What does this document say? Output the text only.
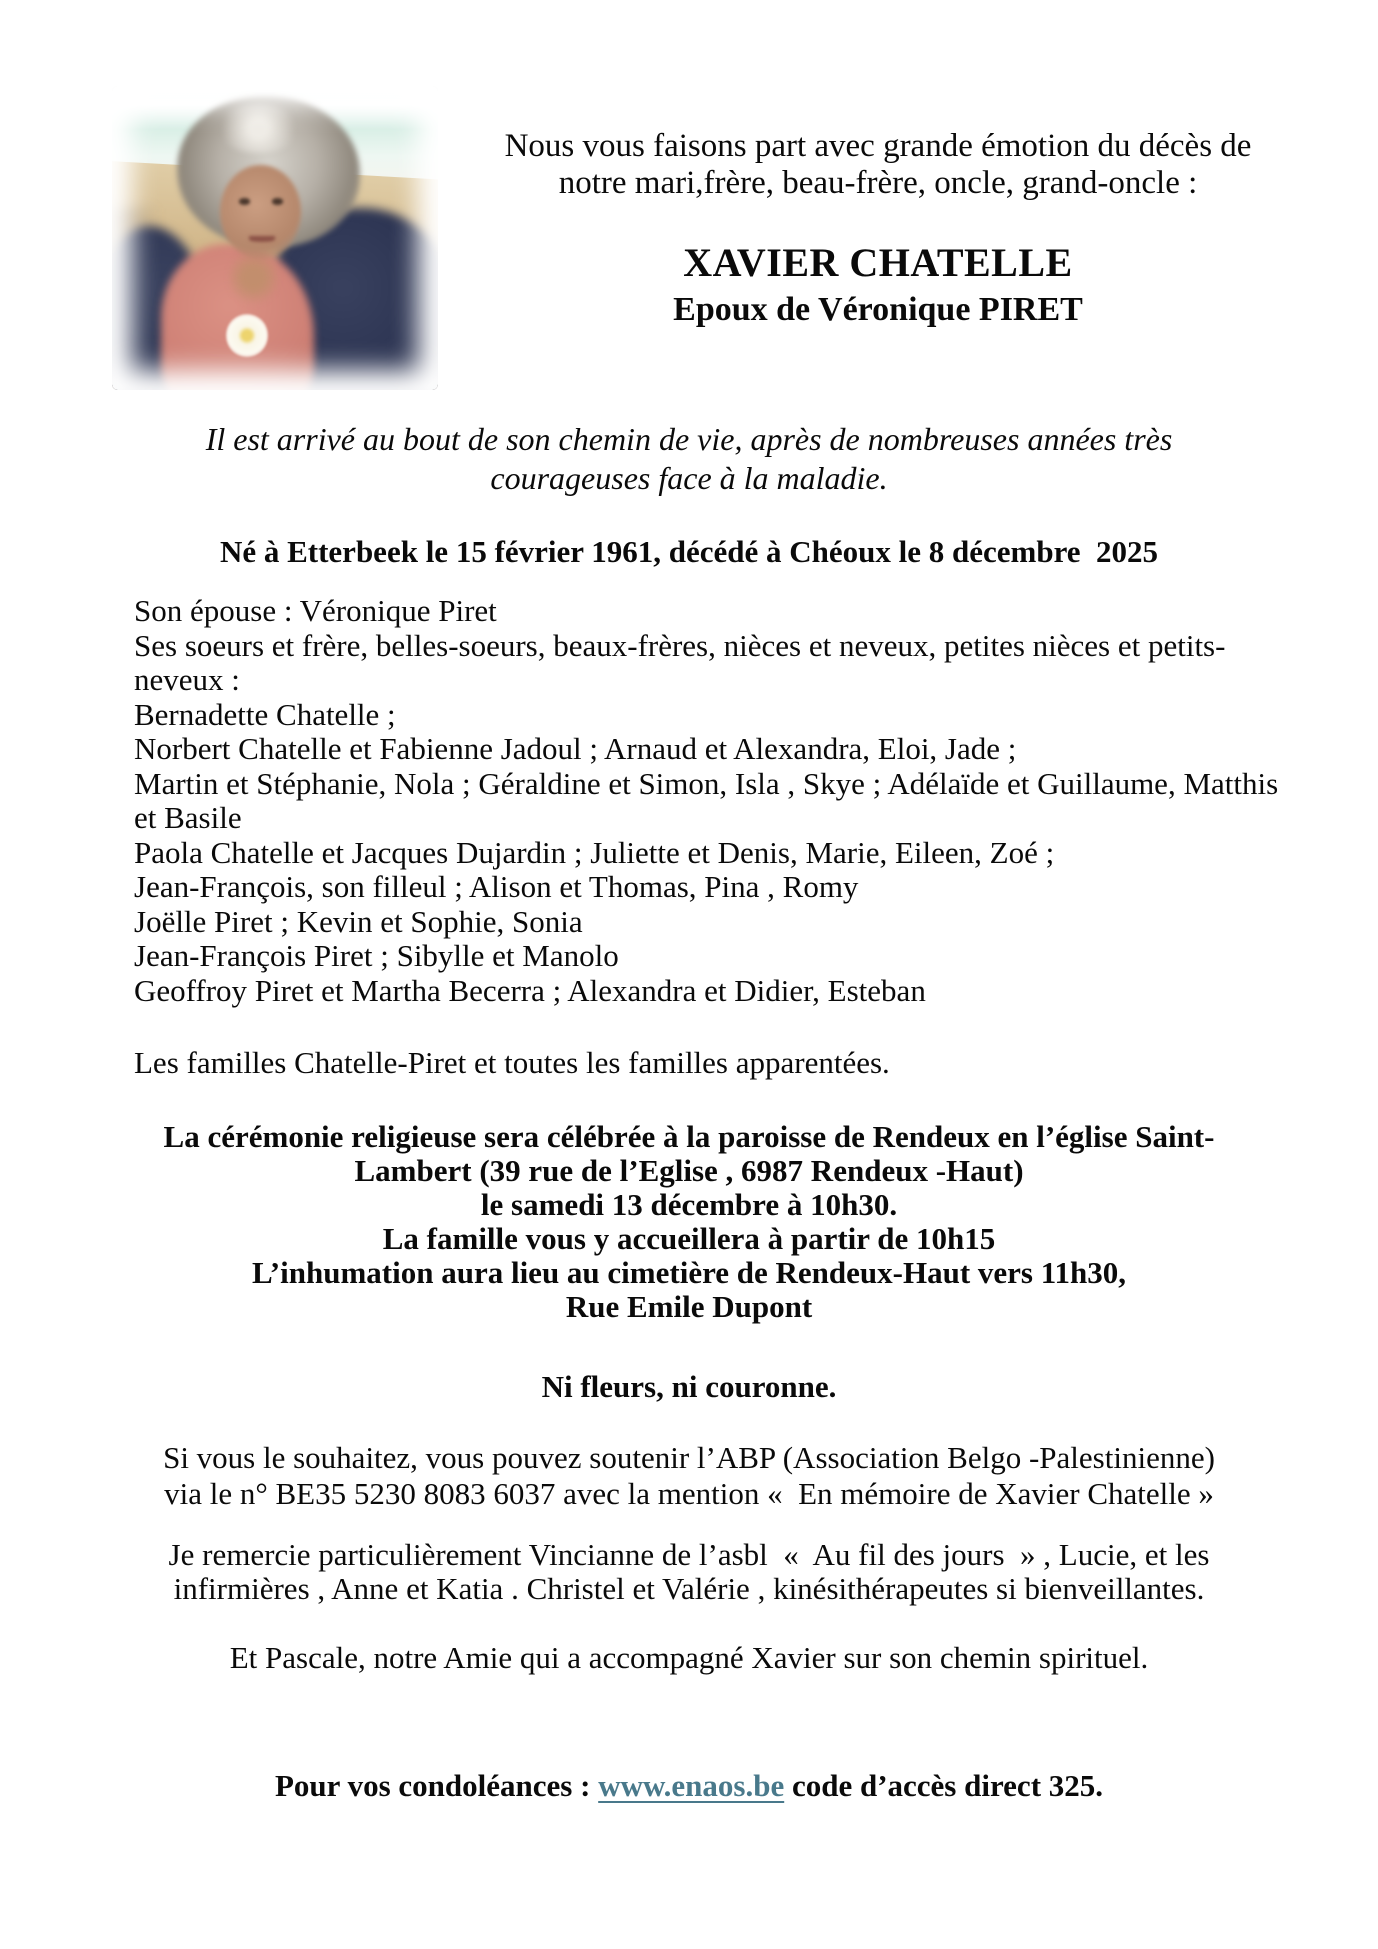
Nous vous faisons part avec grande émotion du décès de
notre mari,frère, beau-frère, oncle, grand-oncle :
XAVIER CHATELLE
Epoux de Véronique PIRET
Il est arrivé au bout de son chemin de vie, après de nombreuses années très
courageuses face à la maladie.
Né à Etterbeek le 15 février 1961, décédé à Chéoux le 8 décembre  2025
Son épouse : Véronique Piret
Ses soeurs et frère, belles-soeurs, beaux-frères, nièces et neveux, petites nièces et petits-
neveux :
Bernadette Chatelle ;
Norbert Chatelle et Fabienne Jadoul ; Arnaud et Alexandra, Eloi, Jade ;
Martin et Stéphanie, Nola ; Géraldine et Simon, Isla , Skye ; Adélaïde et Guillaume, Matthis
et Basile
Paola Chatelle et Jacques Dujardin ; Juliette et Denis, Marie, Eileen, Zoé ;
Jean-François, son filleul ; Alison et Thomas, Pina , Romy
Joëlle Piret ; Kevin et Sophie, Sonia
Jean-François Piret ; Sibylle et Manolo
Geoffroy Piret et Martha Becerra ; Alexandra et Didier, Esteban
Les familles Chatelle-Piret et toutes les familles apparentées.
La cérémonie religieuse sera célébrée à la paroisse de Rendeux en l’église Saint-
Lambert (39 rue de l’Eglise , 6987 Rendeux -Haut)
le samedi 13 décembre à 10h30.
La famille vous y accueillera à partir de 10h15
L’inhumation aura lieu au cimetière de Rendeux-Haut vers 11h30,
Rue Emile Dupont
Ni fleurs, ni couronne.
Si vous le souhaitez, vous pouvez soutenir l’ABP (Association Belgo -Palestinienne)
via le n° BE35 5230 8083 6037 avec la mention «  En mémoire de Xavier Chatelle »
Je remercie particulièrement Vincianne de l’asbl  «  Au fil des jours  » , Lucie, et les
infirmières , Anne et Katia . Christel et Valérie , kinésithérapeutes si bienveillantes.
Et Pascale, notre Amie qui a accompagné Xavier sur son chemin spirituel.
Pour vos condoléances : www.enaos.be code d’accès direct 325.
